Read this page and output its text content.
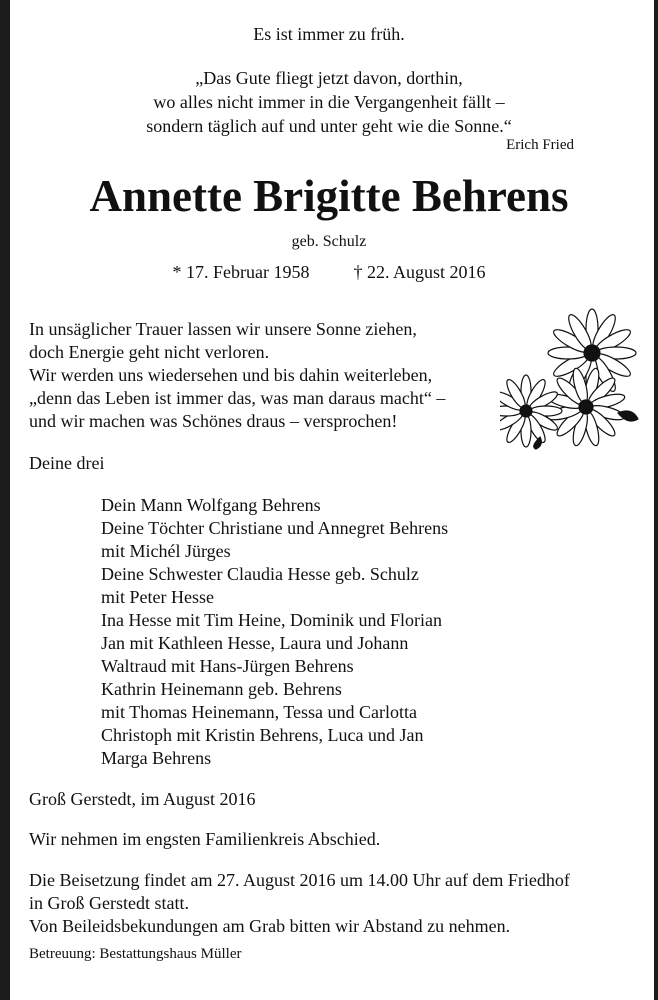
Es ist immer zu früh.
„Das Gute fliegt jetzt davon, dorthin,
wo alles nicht immer in die Vergangenheit fällt –
sondern täglich auf und unter geht wie die Sonne.“
Erich Fried
Annette Brigitte Behrens
geb. Schulz
* 17. Februar 1958 † 22. August 2016
In unsäglicher Trauer lassen wir unsere Sonne ziehen,
doch Energie geht nicht verloren.
Wir werden uns wiedersehen und bis dahin weiterleben,
„denn das Leben ist immer das, was man daraus macht“ –
und wir machen was Schönes draus – versprochen!
Deine drei
Dein Mann Wolfgang Behrens
Deine Töchter Christiane und Annegret Behrens
mit Michél Jürges
Deine Schwester Claudia Hesse geb. Schulz
mit Peter Hesse
Ina Hesse mit Tim Heine, Dominik und Florian
Jan mit Kathleen Hesse, Laura und Johann
Waltraud mit Hans-Jürgen Behrens
Kathrin Heinemann geb. Behrens
mit Thomas Heinemann, Tessa und Carlotta
Christoph mit Kristin Behrens, Luca und Jan
Marga Behrens
Groß Gerstedt, im August 2016
Wir nehmen im engsten Familienkreis Abschied.
Die Beisetzung findet am 27. August 2016 um 14.00 Uhr auf dem Friedhof
in Groß Gerstedt statt.
Von Beileidsbekundungen am Grab bitten wir Abstand zu nehmen.
Betreuung: Bestattungshaus Müller
